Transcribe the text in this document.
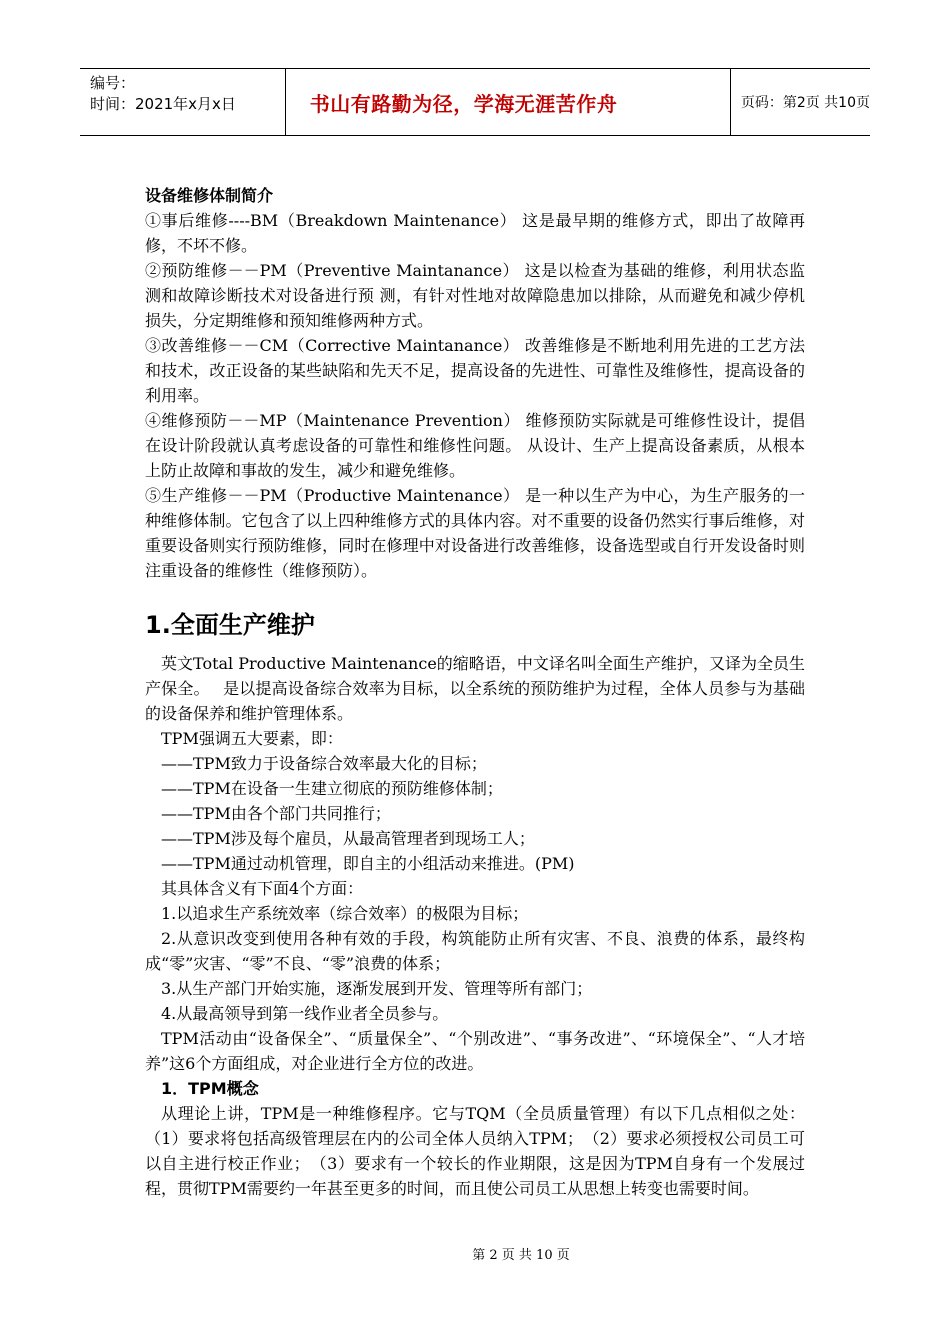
编号：
时间：2021年x月x日	书山有路勤为径，学海无涯苦作舟	页码：第2页 共10页

设备维修体制简介

①事后维修----BM（Breakdown Maintenance） 这是最早期的维修方式，即出了故障再修，不坏不修。

②预防维修－－PM（Preventive Maintanance） 这是以检查为基础的维修，利用状态监测和故障诊断技术对设备进行预 测，有针对性地对故障隐患加以排除，从而避免和减少停机损失，分定期维修和预知维修两种方式。

③改善维修－－CM（Corrective Maintanance） 改善维修是不断地利用先进的工艺方法和技术，改正设备的某些缺陷和先天不足，提高设备的先进性、可靠性及维修性，提高设备的利用率。

④维修预防－－MP（Maintenance Prevention） 维修预防实际就是可维修性设计，提倡在设计阶段就认真考虑设备的可靠性和维修性问题。 从设计、生产上提高设备素质，从根本上防止故障和事故的发生，减少和避免维修。

⑤生产维修－－PM（Productive Maintenance） 是一种以生产为中心，为生产服务的一种维修体制。它包含了以上四种维修方式的具体内容。对不重要的设备仍然实行事后维修，对重要设备则实行预防维修，同时在修理中对设备进行改善维修，设备选型或自行开发设备时则注重设备的维修性（维修预防）。

1.全面生产维护

英文Total Productive Maintenance的缩略语，中文译名叫全面生产维护，又译为全员生产保全。　 是以提高设备综合效率为目标，以全系统的预防维护为过程，全体人员参与为基础的设备保养和维护管理体系。

TPM强调五大要素，即：

——TPM致力于设备综合效率最大化的目标；

——TPM在设备一生建立彻底的预防维修体制；

——TPM由各个部门共同推行；

——TPM涉及每个雇员，从最高管理者到现场工人；

——TPM通过动机管理，即自主的小组活动来推进。(PM)

其具体含义有下面4个方面：

1.以追求生产系统效率（综合效率）的极限为目标；

2.从意识改变到使用各种有效的手段，构筑能防止所有灾害、不良、浪费的体系，最终构成“零”灾害、“零”不良、“零”浪费的体系；

3.从生产部门开始实施，逐渐发展到开发、管理等所有部门；

4.从最高领导到第一线作业者全员参与。

TPM活动由“设备保全”、“质量保全”、“个别改进”、“事务改进”、“环境保全”、“人才培养”这6个方面组成，对企业进行全方位的改进。

1．TPM概念

从理论上讲，TPM是一种维修程序。它与TQM（全员质量管理）有以下几点相似之处：（1）要求将包括高级管理层在内的公司全体人员纳入TPM；　（2）要求必须授权公司员工可以自主进行校正作业；　（3）要求有一个较长的作业期限，这是因为TPM自身有一个发展过程，贯彻TPM需要约一年甚至更多的时间，而且使公司员工从思想上转变也需要时间。

第 2 页 共 10 页
